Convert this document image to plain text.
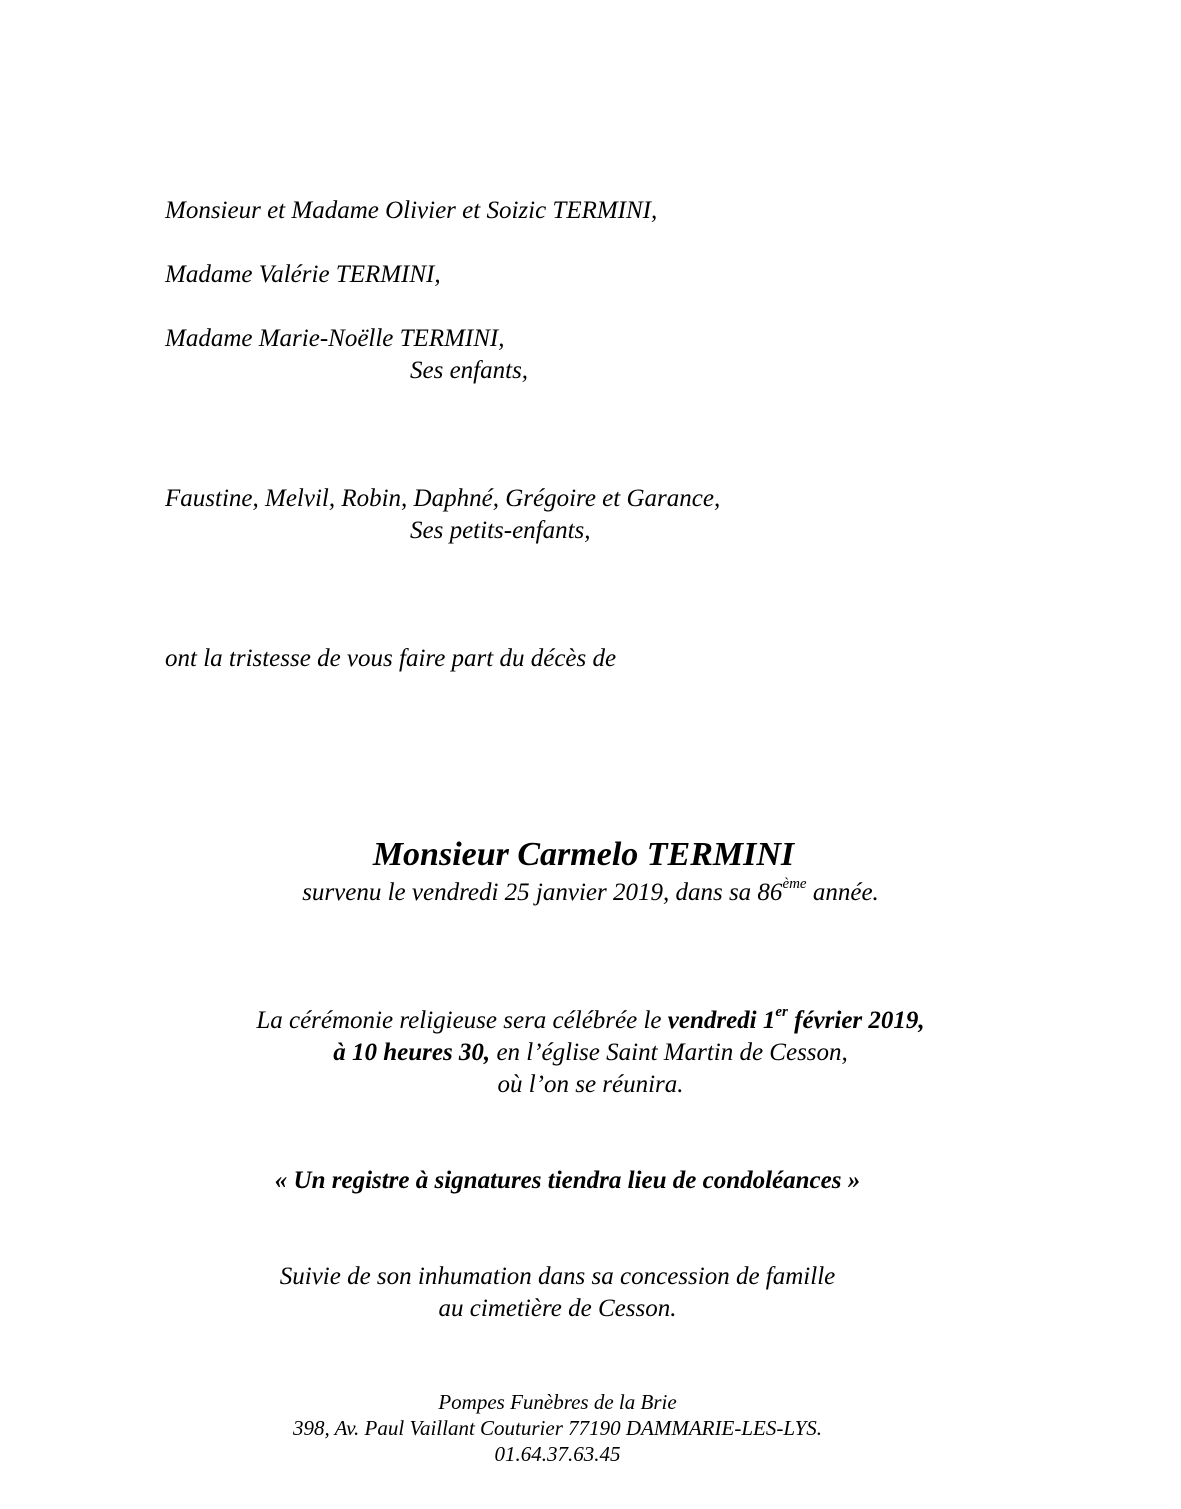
Monsieur et Madame Olivier et Soizic TERMINI,
Madame Valérie TERMINI,
Madame Marie-Noëlle TERMINI,
Ses enfants,
Faustine, Melvil, Robin, Daphné, Grégoire et Garance,
Ses petits-enfants,
ont la tristesse de vous faire part du décès de
Monsieur Carmelo TERMINI
survenu le vendredi 25 janvier 2019, dans sa 86ème année.
La cérémonie religieuse sera célébrée le vendredi 1er février 2019,
à 10 heures 30, en l’église Saint Martin de Cesson,
où l’on se réunira.
« Un registre à signatures tiendra lieu de condoléances »
Suivie de son inhumation dans sa concession de famille
au cimetière de Cesson.
Pompes Funèbres de la Brie
398, Av. Paul Vaillant Couturier 77190 DAMMARIE-LES-LYS.
01.64.37.63.45
